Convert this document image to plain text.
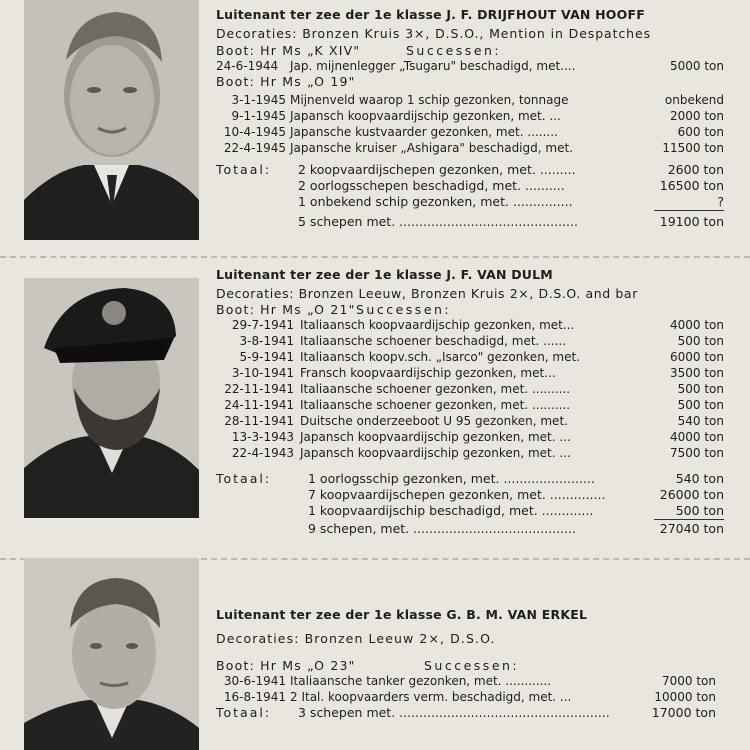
Luitenant ter zee der 1e klasse J. F. DRIJFHOUT VAN HOOFF
Decoraties: Bronzen Kruis 3×, D.S.O., Mention in Despatches
Boot: Hr Ms „K XIV"	Successen:
24-6-1944 Jap. mijnenlegger „Tsugaru" beschadigd, met....	5000 ton
Boot: Hr Ms „O 19"
3-1-1945 Mijnenveld waarop 1 schip gezonken, tonnage	onbekend
9-1-1945 Japansch koopvaardijschip gezonken, met. ...	2000 ton
10-4-1945 Japansche kustvaarder gezonken, met. ........	600 ton
22-4-1945 Japansche kruiser „Ashigara" beschadigd, met.	11500 ton
Totaal: 2 koopvaardijschepen gezonken, met. .........	2600 ton
2 oorlogsschepen beschadigd, met. ..........	16500 ton
1 onbekend schip gezonken, met. ...............	?
5 schepen met. .............................................	19100 ton
Luitenant ter zee der 1e klasse J. F. VAN DULM
Decoraties: Bronzen Leeuw, Bronzen Kruis 2×, D.S.O. and bar
Boot: Hr Ms „O 21" Successen:
29-7-1941 Italiaansch koopvaardijschip gezonken, met...	4000 ton
3-8-1941 Italiaansche schoener beschadigd, met. ......	500 ton
5-9-1941 Italiaansch koopv.sch. „Isarco" gezonken, met.	6000 ton
3-10-1941 Fransch koopvaardijschip gezonken, met...	3500 ton
22-11-1941 Italiaansche schoener gezonken, met. ..........	500 ton
24-11-1941 Italiaansche schoener gezonken, met. ..........	500 ton
28-11-1941 Duitsche onderzeeboot U 95 gezonken, met.	540 ton
13-3-1943 Japansch koopvaardijschip gezonken, met. ...	4000 ton
22-4-1943 Japansch koopvaardijschip gezonken, met. ...	7500 ton
Totaal:	1 oorlogsschip gezonken, met. .......................	540 ton
7 koopvaardijschepen gezonken, met. ..............	26000 ton
1 koopvaardijschip beschadigd, met. .............	500 ton
9 schepen, met. .........................................	27040 ton
Luitenant ter zee der 1e klasse G. B. M. VAN ERKEL
Decoraties: Bronzen Leeuw 2×, D.S.O.
Boot: Hr Ms „O 23"	Successen:
30-6-1941 Italiaansche tanker gezonken, met. ............	7000 ton
16-8-1941 2 Ital. koopvaarders verm. beschadigd, met. ...	10000 ton
Totaal: 3 schepen met. .....................................................	17000 ton
